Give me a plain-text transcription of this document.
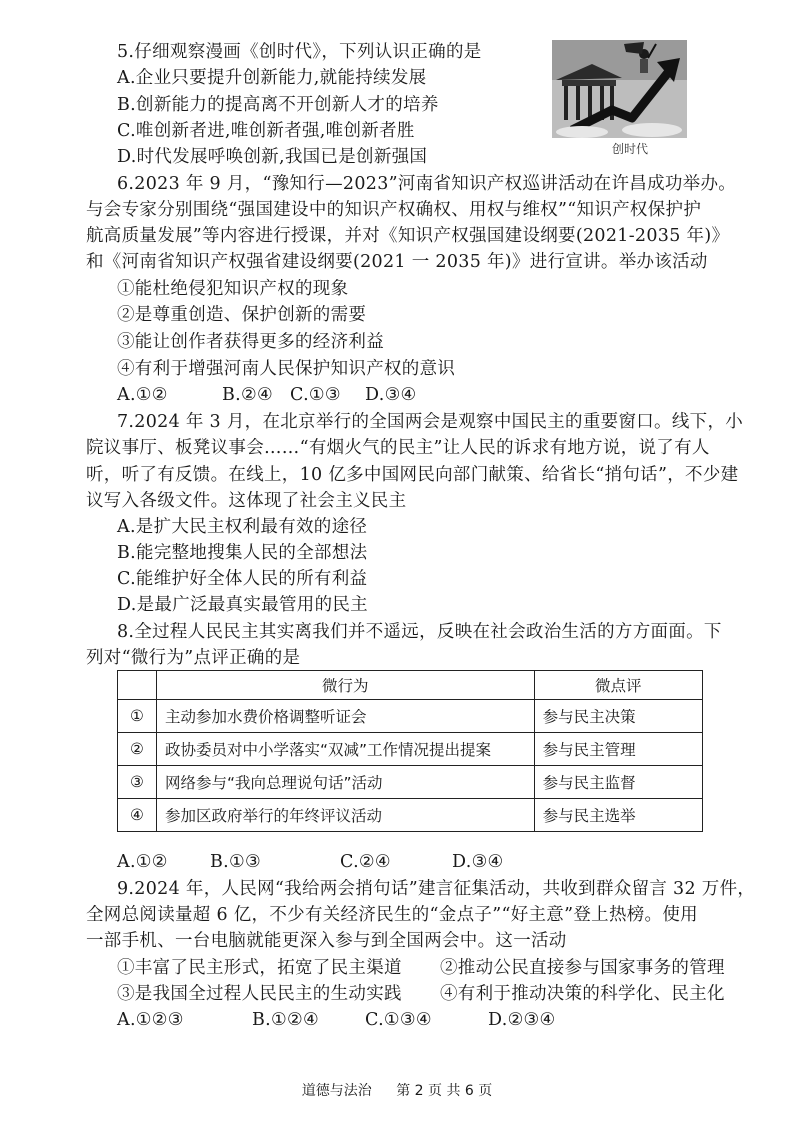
5.仔细观察漫画《创时代》，下列认识正确的是
A.企业只要提升创新能力,就能持续发展
B.创新能力的提高离不开创新人才的培养
C.唯创新者进,唯创新者强,唯创新者胜
D.时代发展呼唤创新,我国已是创新强国	创时代
6.2023 年 9 月，“豫知行—2023”河南省知识产权巡讲活动在许昌成功举办。
与会专家分别围绕“强国建设中的知识产权确权、用权与维权”“知识产权保护护
航高质量发展”等内容进行授课，并对《知识产权强国建设纲要(2021-2035 年)》
和《河南省知识产权强省建设纲要(2021 一 2035 年)》进行宣讲。举办该活动
①能杜绝侵犯知识产权的现象
②是尊重创造、保护创新的需要
③能让创作者获得更多的经济利益
④有利于增强河南人民保护知识产权的意识
A.①②	B.②④ C.①③ D.③④
7.2024 年 3 月，在北京举行的全国两会是观察中国民主的重要窗口。线下，小
院议事厅、板凳议事会……“有烟火气的民主”让人民的诉求有地方说，说了有人
听，听了有反馈。在线上，10 亿多中国网民向部门献策、给省长“捎句话”，不少建
议写入各级文件。这体现了社会主义民主
A.是扩大民主权利最有效的途径
B.能完整地搜集人民的全部想法
C.能维护好全体人民的所有利益
D.是最广泛最真实最管用的民主
8.全过程人民民主其实离我们并不遥远，反映在社会政治生活的方方面面。下
列对“微行为”点评正确的是
	微行为	微点评
①	主动参加水费价格调整听证会	参与民主决策
②	政协委员对中小学落实“双减”工作情况提出提案	参与民主管理
③	网络参与“我向总理说句话”活动	参与民主监督
④	参加区政府举行的年终评议活动	参与民主选举
A.①② B.①③	C.②④	D.③④
9.2024 年，人民网“我给两会捎句话”建言征集活动，共收到群众留言 32 万件，
全网总阅读量超 6 亿，不少有关经济民生的“金点子”“好主意”登上热榜。使用
一部手机、一台电脑就能更深入参与到全国两会中。这一活动
①丰富了民主形式，拓宽了民主渠道 ②推动公民直接参与国家事务的管理
③是我国全过程人民民主的生动实践 ④有利于推动决策的科学化、民主化
A.①②③	B.①②④	C.①③④	D.②③④
道德与法治 第 2 页 共 6 页
